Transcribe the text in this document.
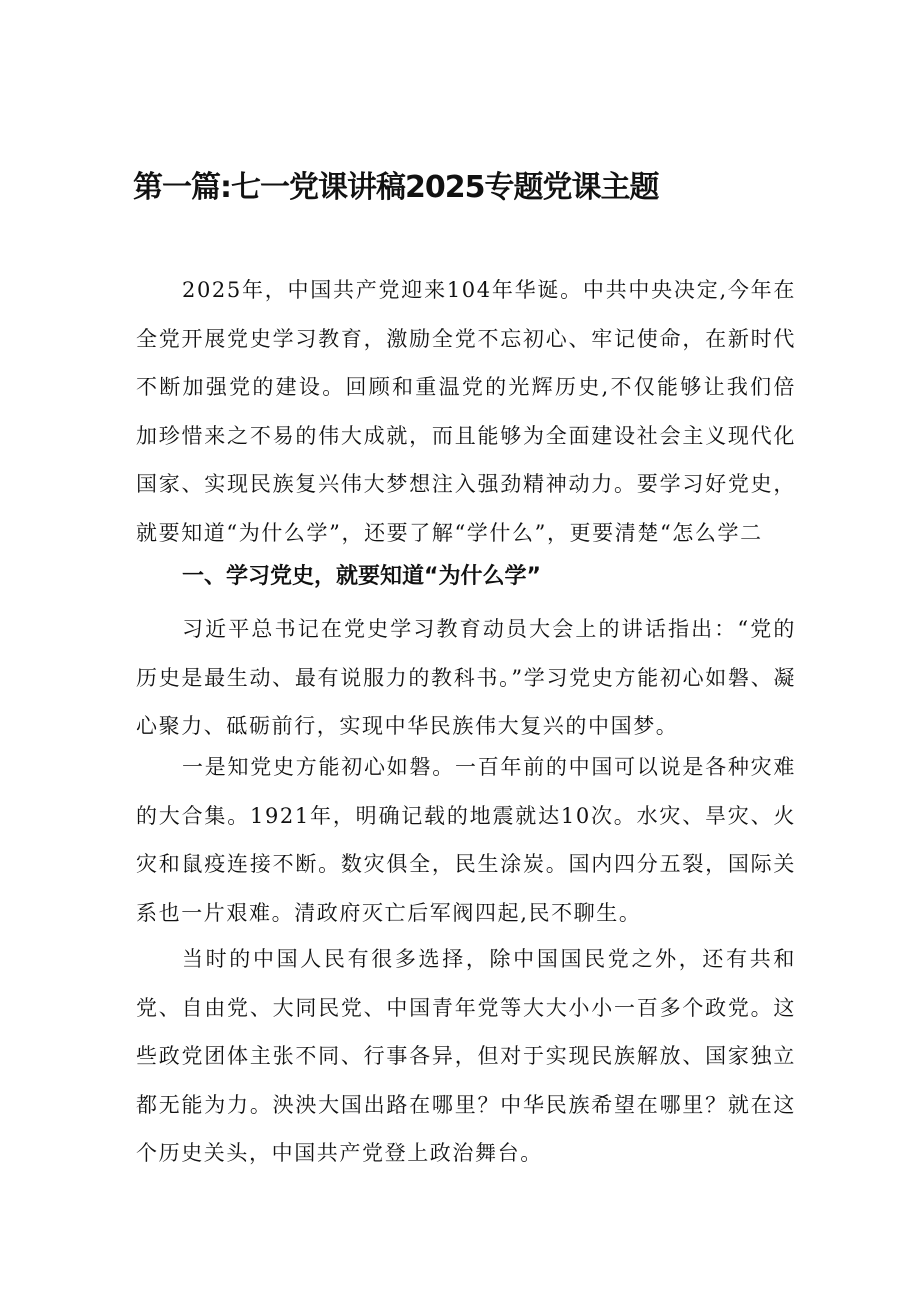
第一篇:七一党课讲稿2025专题党课主题

2025年，中国共产党迎来104年华诞。中共中央决定,今年在全党开展党史学习教育，激励全党不忘初心、牢记使命，在新时代不断加强党的建设。回顾和重温党的光辉历史,不仅能够让我们倍加珍惜来之不易的伟大成就，而且能够为全面建设社会主义现代化国家、实现民族复兴伟大梦想注入强劲精神动力。要学习好党史，就要知道“为什么学”，还要了解“学什么”，更要清楚“怎么学二

一、学习党史，就要知道“为什么学”

习近平总书记在党史学习教育动员大会上的讲话指出：“党的历史是最生动、最有说服力的教科书。”学习党史方能初心如磐、凝心聚力、砥砺前行，实现中华民族伟大复兴的中国梦。

一是知党史方能初心如磐。一百年前的中国可以说是各种灾难的大合集。1921年，明确记载的地震就达10次。水灾、旱灾、火灾和鼠疫连接不断。数灾俱全，民生涂炭。国内四分五裂，国际关系也一片艰难。清政府灭亡后军阀四起,民不聊生。

当时的中国人民有很多选择，除中国国民党之外，还有共和党、自由党、大同民党、中国青年党等大大小小一百多个政党。这些政党团体主张不同、行事各异，但对于实现民族解放、国家独立都无能为力。泱泱大国出路在哪里？中华民族希望在哪里？就在这个历史关头，中国共产党登上政治舞台。
